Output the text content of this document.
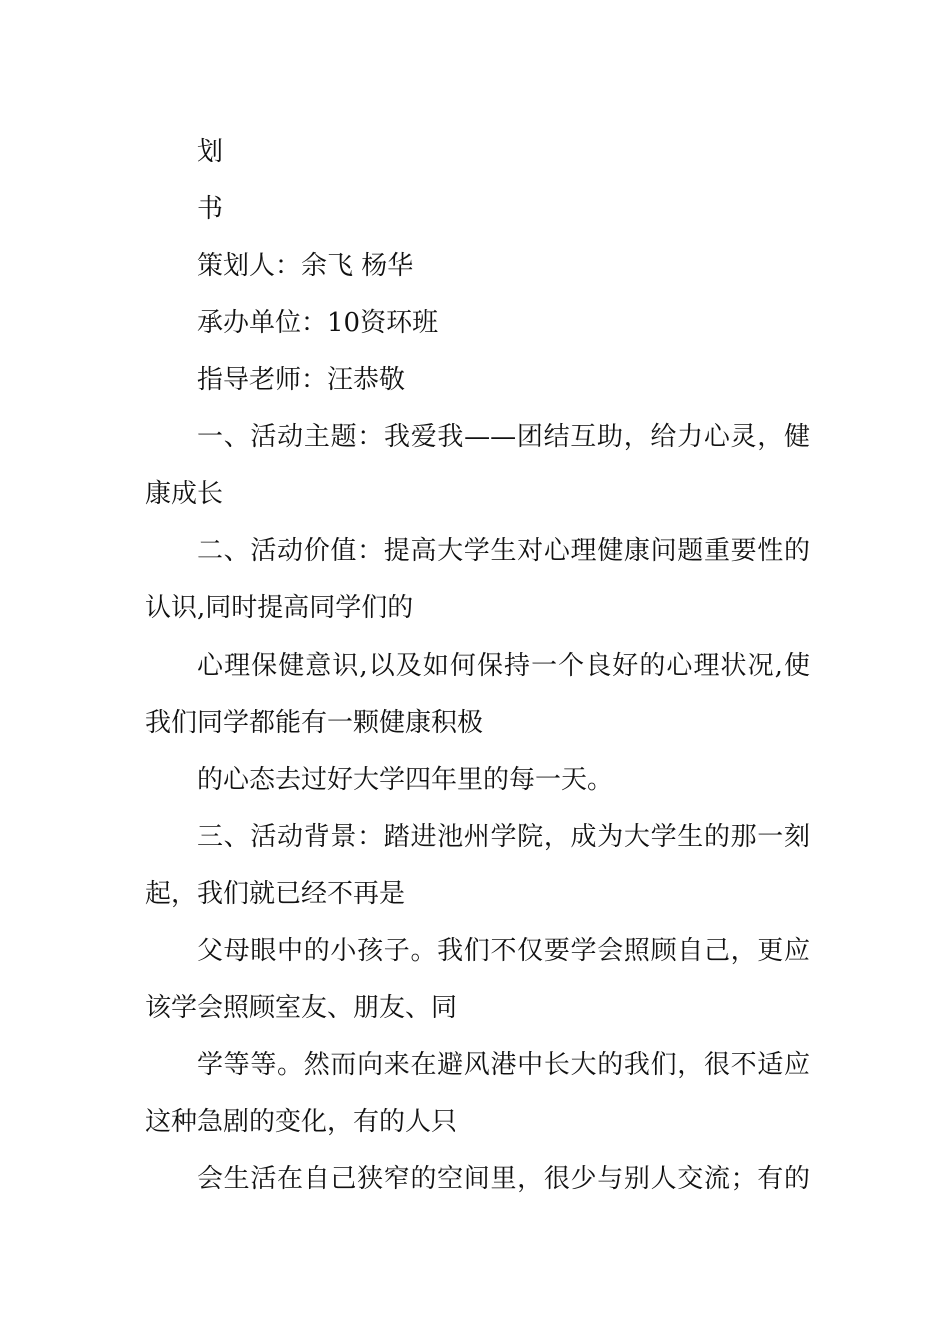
划
书
策划人：余飞 杨华
承办单位：10资环班
指导老师：汪恭敬
一、活动主题：我爱我——团结互助，给力心灵，健
康成长
二、活动价值：提高大学生对心理健康问题重要性的
认识,同时提高同学们的
心理保健意识,以及如何保持一个良好的心理状况,使
我们同学都能有一颗健康积极
的心态去过好大学四年里的每一天。
三、活动背景：踏进池州学院，成为大学生的那一刻
起，我们就已经不再是
父母眼中的小孩子。我们不仅要学会照顾自己，更应
该学会照顾室友、朋友、同
学等等。然而向来在避风港中长大的我们，很不适应
这种急剧的变化，有的人只
会生活在自己狭窄的空间里，很少与别人交流；有的
